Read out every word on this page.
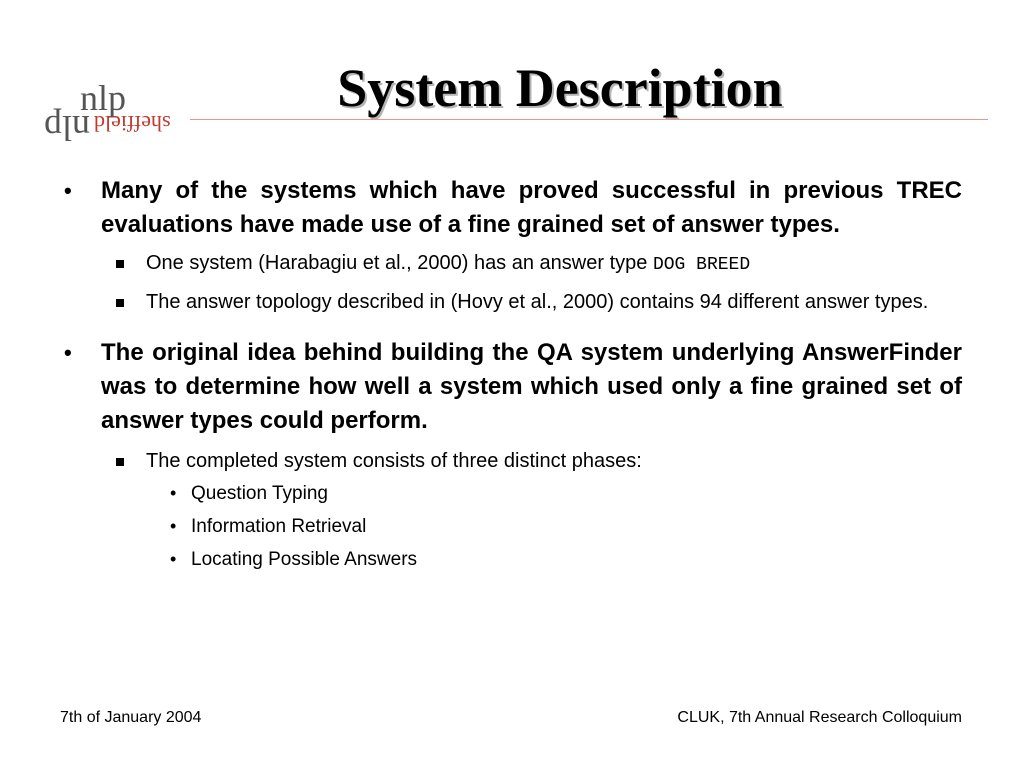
nlp
nlp sheffield
System Description

• Many of the systems which have proved successful in previous TREC evaluations have made use of a fine grained set of answer types.

One system (Harabagiu et al., 2000) has an answer type DOG BREED

The answer topology described in (Hovy et al., 2000) contains 94 different answer types.

• The original idea behind building the QA system underlying AnswerFinder was to determine how well a system which used only a fine grained set of answer types could perform.

The completed system consists of three distinct phases:

• Question Typing

• Information Retrieval

• Locating Possible Answers

7th of January 2004	CLUK, 7th Annual Research Colloquium
